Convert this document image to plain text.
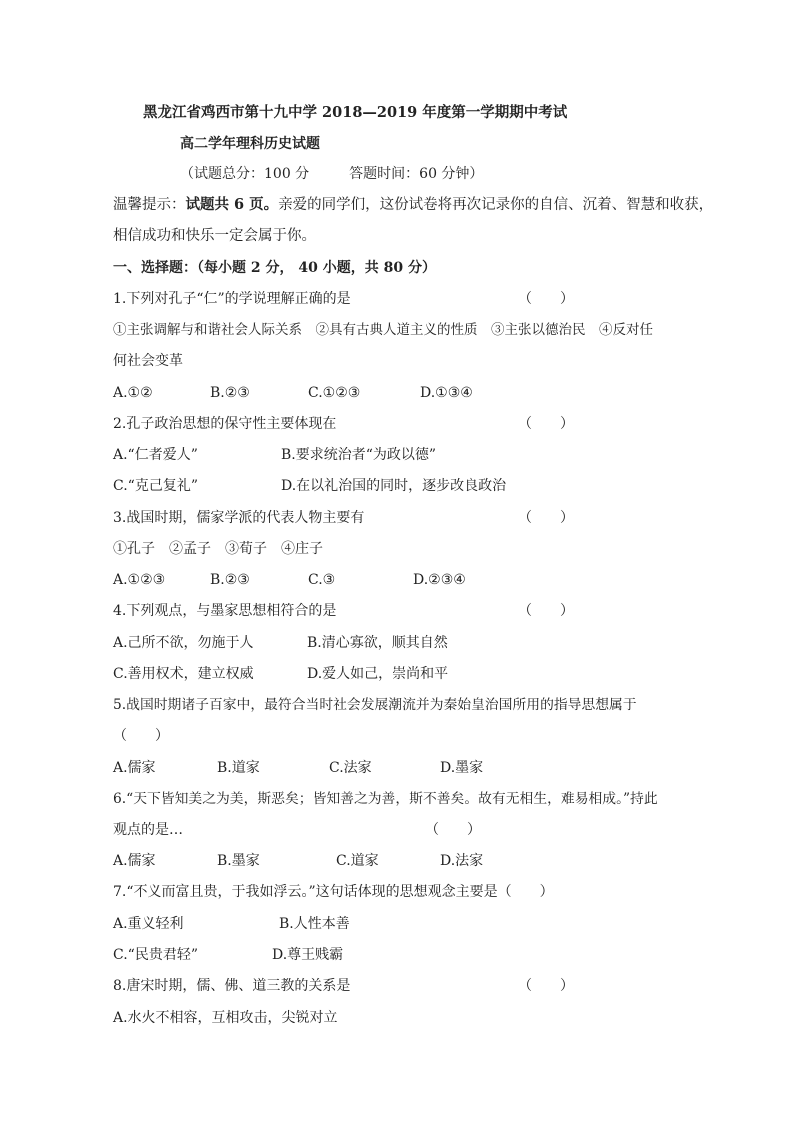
黑龙江省鸡西市第十九中学 2018—2019 年度第一学期期中考试
高二学年理科历史试题
（试题总分：100 分	答题时间：60 分钟）
温馨提示：试题共 6 页。亲爱的同学们，这份试卷将再次记录你的自信、沉着、智慧和收获，
相信成功和快乐一定会属于你。
一、选择题：（每小题 2 分， 40 小题，共 80 分）
1.下列对孔子“仁”的学说理解正确的是	（　　）
①主张调解与和谐社会人际关系　②具有古典人道主义的性质　③主张以德治民　④反对任
何社会变革
A.①②	B.②③	C.①②③	D.①③④
2.孔子政治思想的保守性主要体现在	（　　）
A.“仁者爱人”	B.要求统治者“为政以德”
C.“克己复礼”	D.在以礼治国的同时，逐步改良政治
3.战国时期，儒家学派的代表人物主要有	（　　）
①孔子　②孟子　③荀子　④庄子
A.①②③	B.②③	C.③	D.②③④
4.下列观点，与墨家思想相符合的是	（　　）
A.己所不欲，勿施于人	B.清心寡欲，顺其自然
C.善用权术，建立权威	D.爱人如己，崇尚和平
5.战国时期诸子百家中，最符合当时社会发展潮流并为秦始皇治国所用的指导思想属于
（　　）
A.儒家	B.道家	C.法家	D.墨家
6.“天下皆知美之为美，斯恶矣；皆知善之为善，斯不善矣。故有无相生，难易相成。”持此
观点的是…	（　　）
A.儒家	B.墨家	C.道家	D.法家
7.“不义而富且贵，于我如浮云。”这句话体现的思想观念主要是（　　）
A.重义轻利	B.人性本善
C.“民贵君轻”	D.尊王贱霸
8.唐宋时期，儒、佛、道三教的关系是	（　　）
A.水火不相容，互相攻击，尖锐对立
